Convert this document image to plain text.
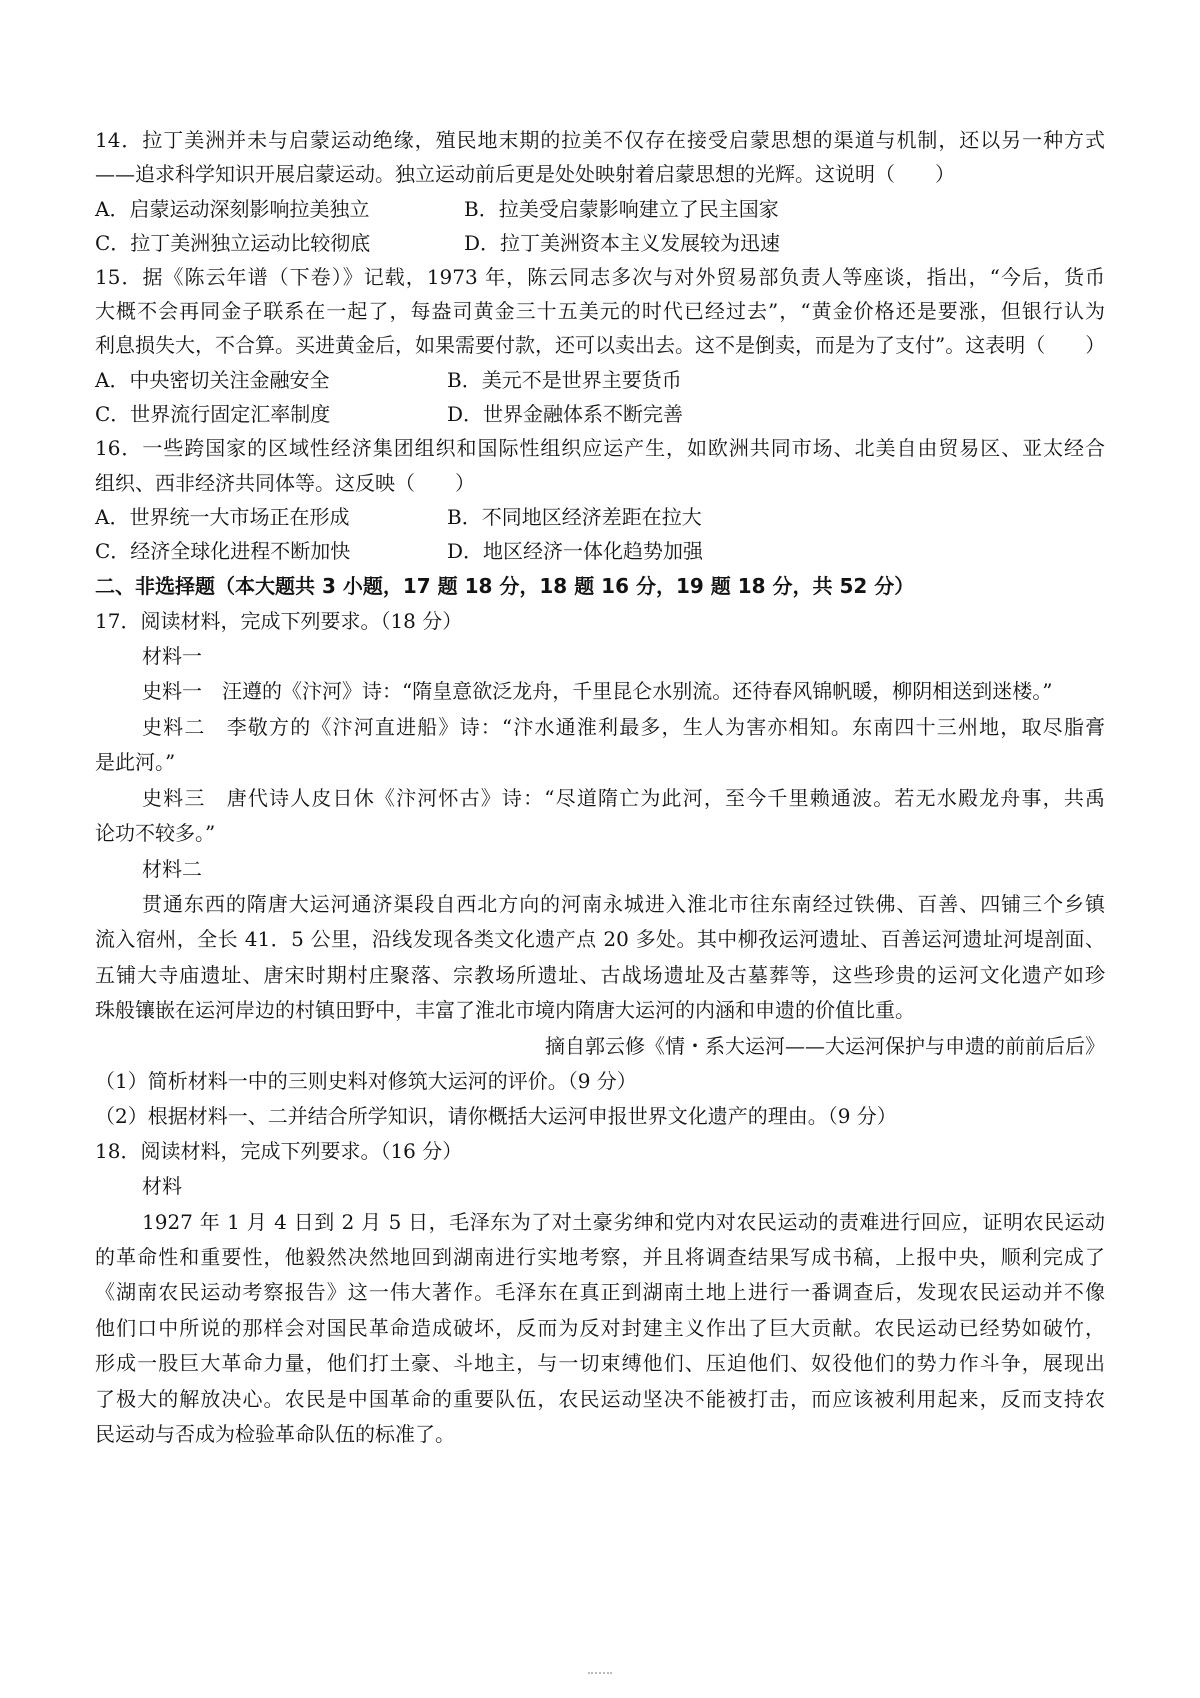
14．拉丁美洲并未与启蒙运动绝缘，殖民地末期的拉美不仅存在接受启蒙思想的渠道与机制，还以另一种方式
——追求科学知识开展启蒙运动。独立运动前后更是处处映射着启蒙思想的光辉。这说明（　　）
A．启蒙运动深刻影响拉美独立	B．拉美受启蒙影响建立了民主国家
C．拉丁美洲独立运动比较彻底	D．拉丁美洲资本主义发展较为迅速
15．据《陈云年谱（下卷）》记载，1973 年，陈云同志多次与对外贸易部负责人等座谈，指出，“今后，货币
大概不会再同金子联系在一起了，每盎司黄金三十五美元的时代已经过去”，“黄金价格还是要涨，但银行认为
利息损失大，不合算。买进黄金后，如果需要付款，还可以卖出去。这不是倒卖，而是为了支付”。这表明（　　）
A．中央密切关注金融安全	B．美元不是世界主要货币
C．世界流行固定汇率制度	D．世界金融体系不断完善
16．一些跨国家的区域性经济集团组织和国际性组织应运产生，如欧洲共同市场、北美自由贸易区、亚太经合
组织、西非经济共同体等。这反映（　　）
A．世界统一大市场正在形成	B．不同地区经济差距在拉大
C．经济全球化进程不断加快	D．地区经济一体化趋势加强
二、非选择题（本大题共 3 小题，17 题 18 分，18 题 16 分，19 题 18 分，共 52 分）
17．阅读材料，完成下列要求。（18 分）
材料一
史料一　汪遵的《汴河》诗：“隋皇意欲泛龙舟，千里昆仑水别流。还待春风锦帆暖，柳阴相送到迷楼。”
史料二　李敬方的《汴河直进船》诗：“汴水通淮利最多，生人为害亦相知。东南四十三州地，取尽脂膏
是此河。”
史料三　唐代诗人皮日休《汴河怀古》诗：“尽道隋亡为此河，至今千里赖通波。若无水殿龙舟事，共禹
论功不较多。”
材料二
贯通东西的隋唐大运河通济渠段自西北方向的河南永城进入淮北市往东南经过铁佛、百善、四铺三个乡镇
流入宿州，全长 41．5 公里，沿线发现各类文化遗产点 20 多处。其中柳孜运河遗址、百善运河遗址河堤剖面、
五铺大寺庙遗址、唐宋时期村庄聚落、宗教场所遗址、古战场遗址及古墓葬等，这些珍贵的运河文化遗产如珍
珠般镶嵌在运河岸边的村镇田野中，丰富了淮北市境内隋唐大运河的内涵和申遗的价值比重。
摘自郭云修《情・系大运河——大运河保护与申遗的前前后后》
（1）简析材料一中的三则史料对修筑大运河的评价。（9 分）
（2）根据材料一、二并结合所学知识，请你概括大运河申报世界文化遗产的理由。（9 分）
18．阅读材料，完成下列要求。（16 分）
材料
1927 年 1 月 4 日到 2 月 5 日，毛泽东为了对土豪劣绅和党内对农民运动的责难进行回应，证明农民运动
的革命性和重要性，他毅然决然地回到湖南进行实地考察，并且将调查结果写成书稿，上报中央，顺利完成了
《湖南农民运动考察报告》这一伟大著作。毛泽东在真正到湖南土地上进行一番调查后，发现农民运动并不像
他们口中所说的那样会对国民革命造成破坏，反而为反对封建主义作出了巨大贡献。农民运动已经势如破竹，
形成一股巨大革命力量，他们打土豪、斗地主，与一切束缚他们、压迫他们、奴役他们的势力作斗争，展现出
了极大的解放决心。农民是中国革命的重要队伍，农民运动坚决不能被打击，而应该被利用起来，反而支持农
民运动与否成为检验革命队伍的标准了。
